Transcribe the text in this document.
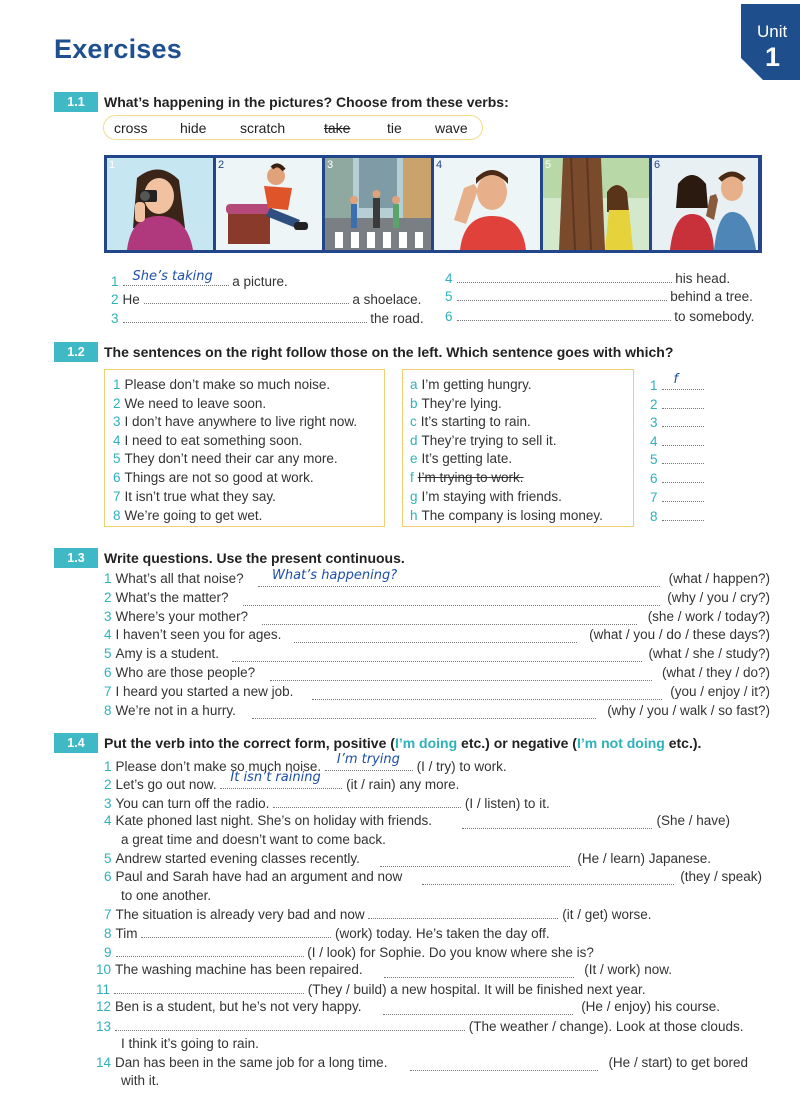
Exercises
Unit
1
1.1	What’s happening in the pictures? Choose from these verbs:
cross hide scratch	take	tie wave
1	2	3	4	5	6
1 She’s taking a picture.
2 He	a shoelace.
3	the road.
4	his head.
5	behind a tree.
6	to somebody.
1.2	The sentences on the right follow those on the left. Which sentence goes with which?
1 Please don’t make so much noise.
2 We need to leave soon.
3 I don’t have anywhere to live right now.
4 I need to eat something soon.
5 They don’t need their car any more.
6 Things are not so good at work.
7 It isn’t true what they say.
8 We’re going to get wet.
a I’m getting hungry.
b They’re lying.
c It’s starting to rain.
d They’re trying to sell it.
e It’s getting late.
f I’m trying to work.
g I’m staying with friends.
h The company is losing money.
1 f
2
3
4
5
6
7
8
1.3	Write questions. Use the present continuous.
1 What’s all that noise? What’s happening?	(what / happen?)
2 What’s the matter?	(why / you / cry?)
3 Where’s your mother?	(she / work / today?)
4 I haven’t seen you for ages.	(what / you / do / these days?)
5 Amy is a student.	(what / she / study?)
6 Who are those people?	(what / they / do?)
7 I heard you started a new job.	(you / enjoy / it?)
8 We’re not in a hurry.	(why / you / walk / so fast?)
1.4	Put the verb into the correct form, positive (I’m doing etc.) or negative (I’m not doing etc.).
1 Please don’t make so much noise. I’m trying (I / try) to work.
2 Let’s go out now. It isn’t raining (it / rain) any more.
3 You can turn off the radio.	(I / listen) to it.
4 Kate phoned last night. She’s on holiday with friends.	(She / have)
a great time and doesn’t want to come back.
5 Andrew started evening classes recently.	(He / learn) Japanese.
6 Paul and Sarah have had an argument and now	(they / speak)
to one another.
7 The situation is already very bad and now	(it / get) worse.
8 Tim	(work) today. He’s taken the day off.
9	(I / look) for Sophie. Do you know where she is?
10 The washing machine has been repaired.	(It / work) now.
11	(They / build) a new hospital. It will be finished next year.
12 Ben is a student, but he’s not very happy.	(He / enjoy) his course.
13	(The weather / change). Look at those clouds.
I think it’s going to rain.
14 Dan has been in the same job for a long time.	(He / start) to get bored
with it.
